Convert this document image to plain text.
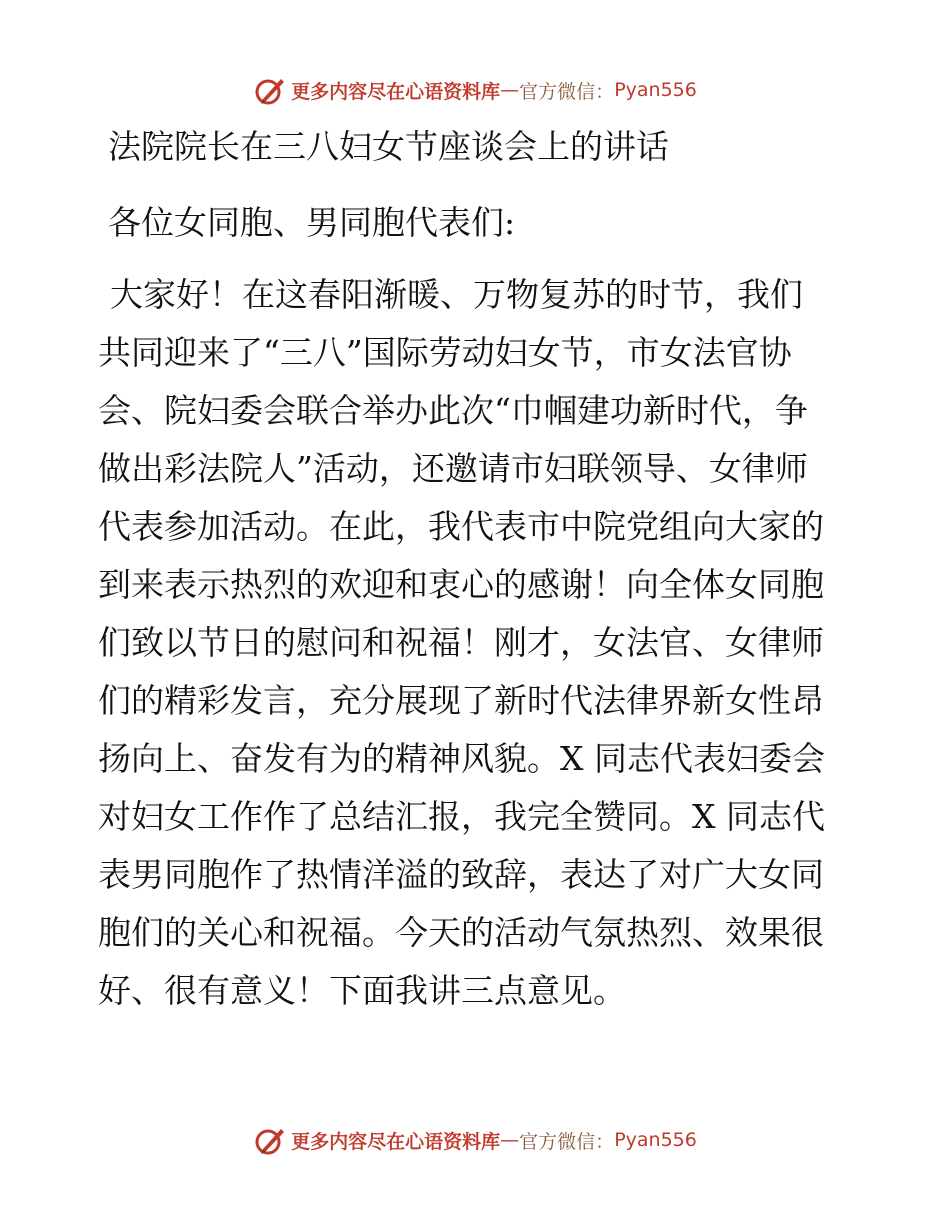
更多内容尽在心语资料库 — 官方微信： Pyan556
法院院长在三八妇女节座谈会上的讲话

各位女同胞、男同胞代表们:

大家好！在这春阳渐暖、万物复苏的时节，我们
共同迎来了“三八”国际劳动妇女节，市女法官协
会、院妇委会联合举办此次“巾帼建功新时代，争
做出彩法院人”活动，还邀请市妇联领导、女律师
代表参加活动。在此，我代表市中院党组向大家的
到来表示热烈的欢迎和衷心的感谢！向全体女同胞
们致以节日的慰问和祝福！刚才，女法官、女律师
们的精彩发言，充分展现了新时代法律界新女性昂
扬向上、奋发有为的精神风貌。X 同志代表妇委会
对妇女工作作了总结汇报，我完全赞同。X 同志代
表男同胞作了热情洋溢的致辞，表达了对广大女同
胞们的关心和祝福。今天的活动气氛热烈、效果很
好、很有意义！下面我讲三点意见。
更多内容尽在心语资料库 — 官方微信： Pyan556
